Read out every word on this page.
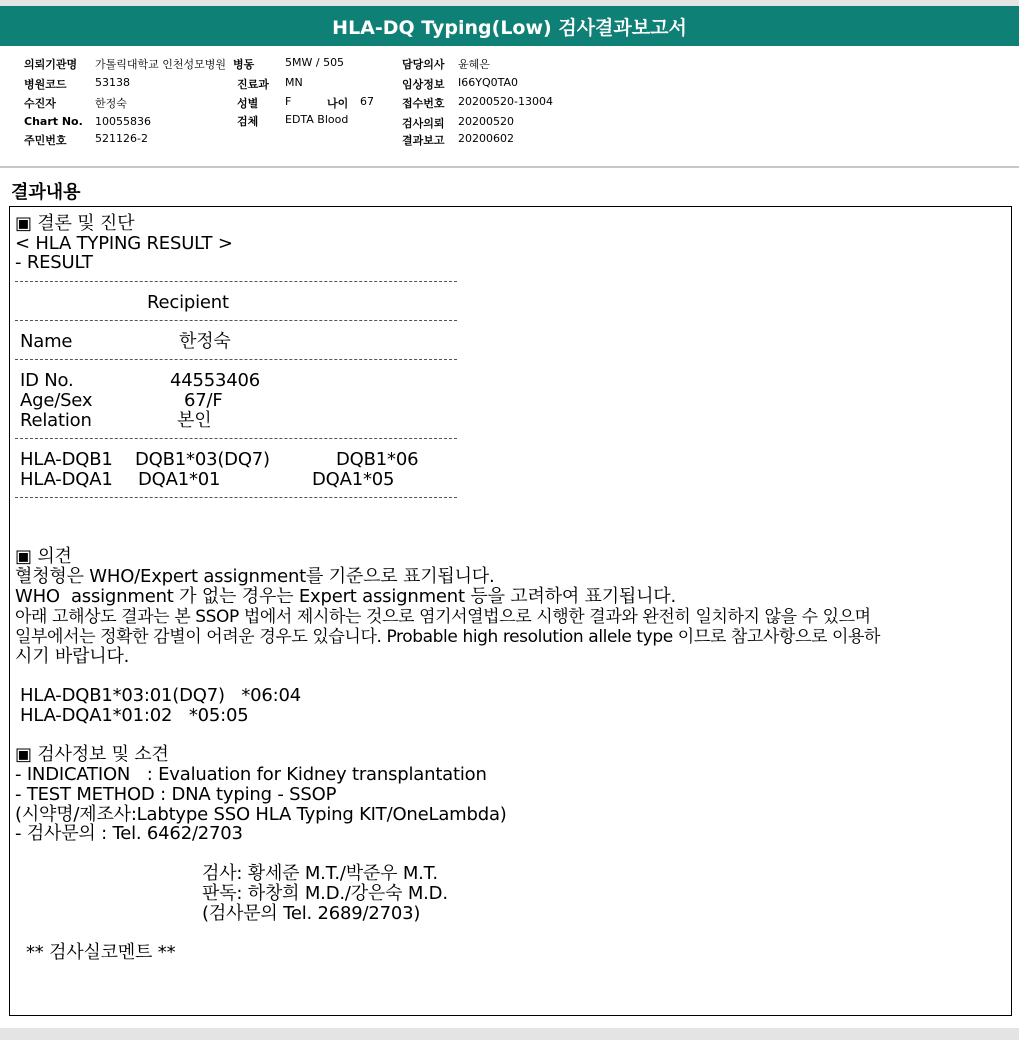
HLA-DQ Typing(Low) 검사결과보고서
의뢰기관명 가톨릭대학교 인천성모병원 병동	5MW / 505	담당의사 윤혜은
병원코드	53138	진료과 MN	임상정보 I66YQ0TA0
수진자	한정숙	성별 F	나이 67	접수번호 20200520-13004
Chart No. 10055836	검체 EDTA Blood	검사의뢰 20200520
주민번호	521126-2	결과보고 20200602
결과내용
▣ 결론 및 진단
< HLA TYPING RESULT >
- RESULT
Recipient
Name	한정숙
ID No.	44553406
Age/Sex	67/F
Relation	본인
HLA-DQB1 DQB1*03(DQ7)	DQB1*06
HLA-DQA1 DQA1*01	DQA1*05
▣ 의견
혈청형은 WHO/Expert assignment를 기준으로 표기됩니다.
WHO  assignment 가 없는 경우는 Expert assignment 등을 고려하여 표기됩니다.
아래 고해상도 결과는 본 SSOP 법에서 제시하는 것으로 염기서열법으로 시행한 결과와 완전히 일치하지 않을 수 있으며
일부에서는 정확한 감별이 어려운 경우도 있습니다. Probable high resolution allele type 이므로 참고사항으로 이용하
시기 바랍니다.
HLA-DQB1*03:01(DQ7)   *06:04
HLA-DQA1*01:02   *05:05
▣ 검사정보 및 소견
- INDICATION   : Evaluation for Kidney transplantation
- TEST METHOD : DNA typing - SSOP
(시약명/제조사:Labtype SSO HLA Typing KIT/OneLambda)
- 검사문의 : Tel. 6462/2703
검사: 황세준 M.T./박준우 M.T.
판독: 하창희 M.D./강은숙 M.D.
(검사문의 Tel. 2689/2703)
** 검사실코멘트 **
